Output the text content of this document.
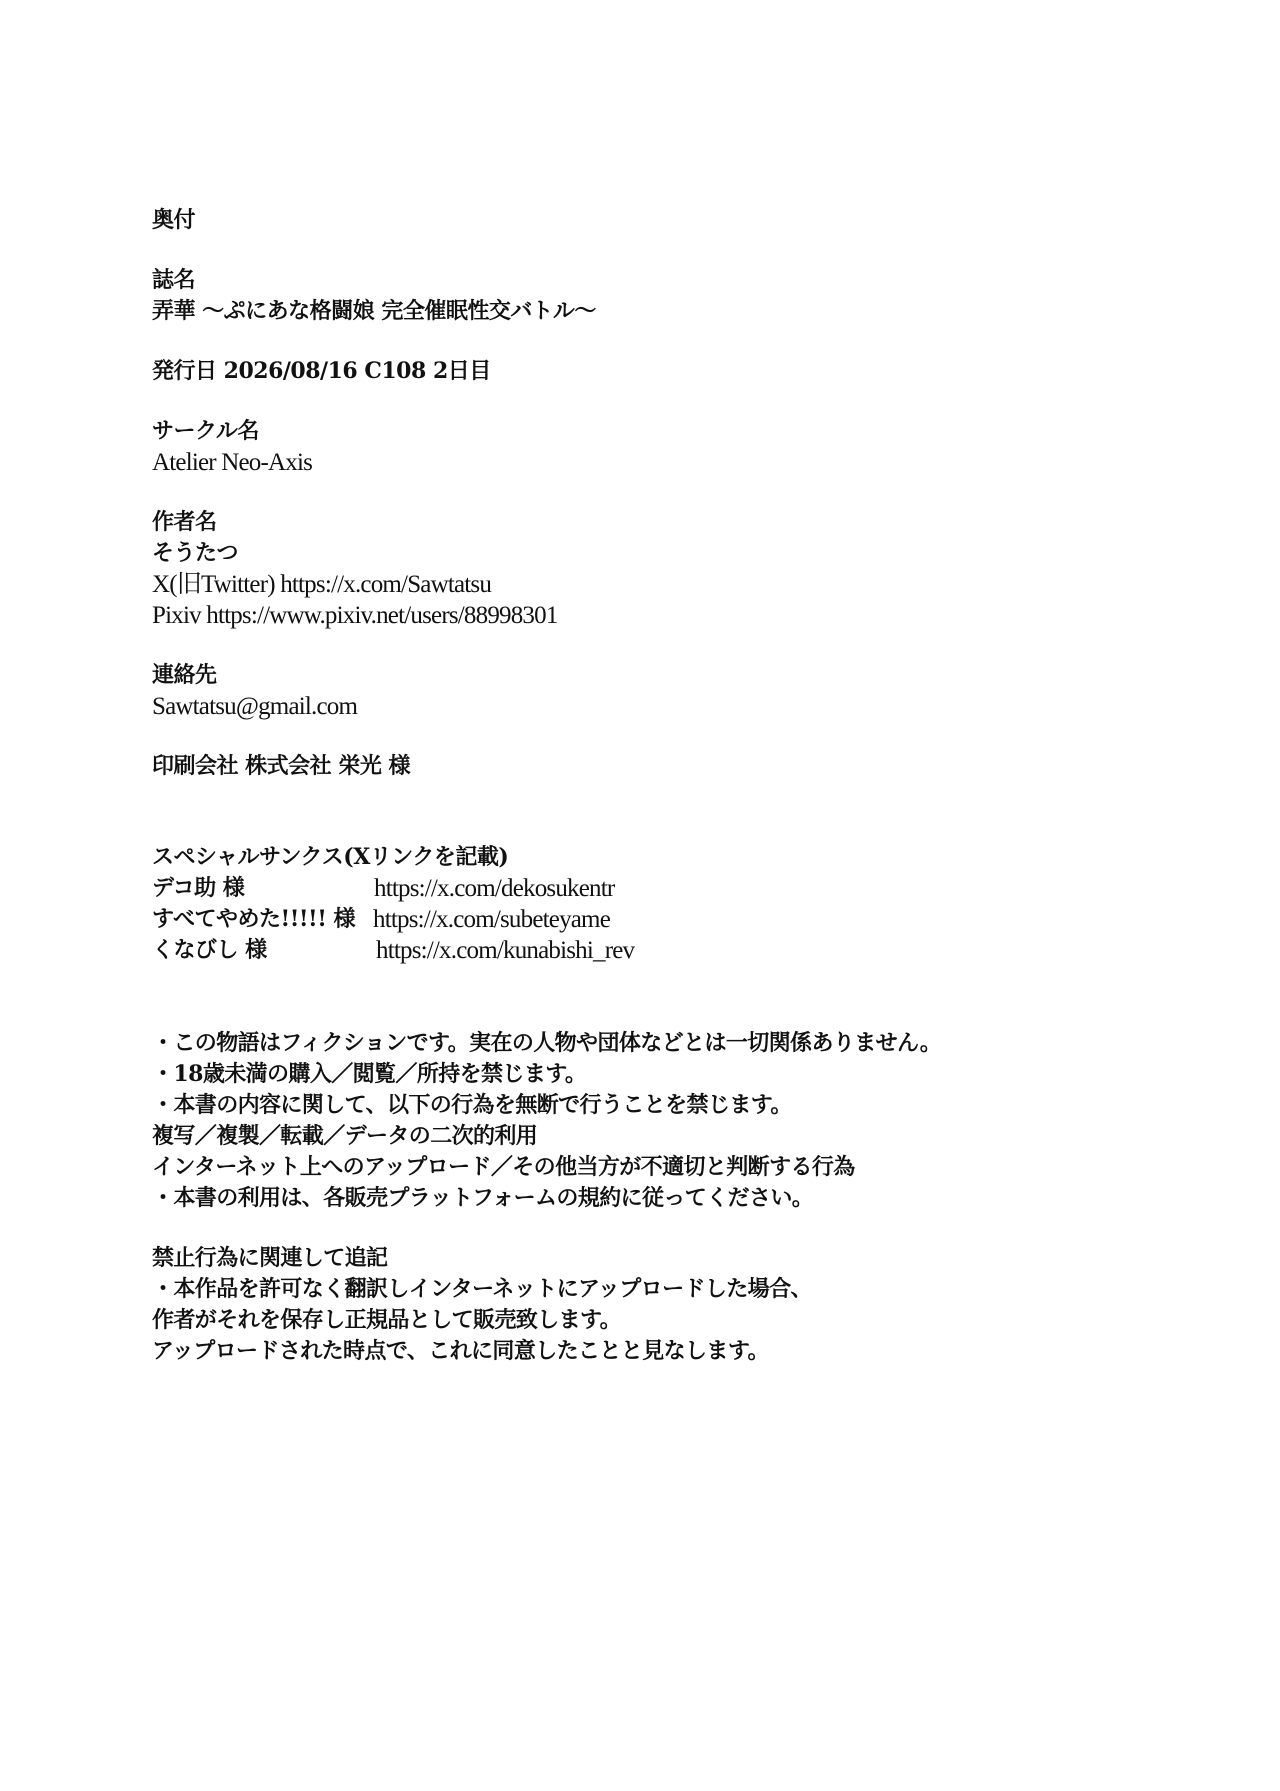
奥付
誌名
弄華 〜ぷにあな格闘娘 完全催眠性交バトル〜
発行日 2026/08/16 C108 2日目
サークル名
Atelier Neo-Axis
作者名
そうたつ
X(旧Twitter) https://x.com/Sawtatsu
Pixiv https://www.pixiv.net/users/88998301
連絡先
Sawtatsu@gmail.com
印刷会社 株式会社 栄光 様
スペシャルサンクス(Xリンクを記載)
デコ助 様	https://x.com/dekosukentr
すべてやめた!!!!! 様 https://x.com/subeteyame
くなびし 様	https://x.com/kunabishi_rev
・この物語はフィクションです。実在の人物や団体などとは一切関係ありません。
・18歳未満の購入／閲覧／所持を禁じます。
・本書の内容に関して、以下の行為を無断で行うことを禁じます。
複写／複製／転載／データの二次的利用
インターネット上へのアップロード／その他当方が不適切と判断する行為
・本書の利用は、各販売プラットフォームの規約に従ってください。
禁止行為に関連して追記
・本作品を許可なく翻訳しインターネットにアップロードした場合、
作者がそれを保存し正規品として販売致します。
アップロードされた時点で、これに同意したことと見なします。
